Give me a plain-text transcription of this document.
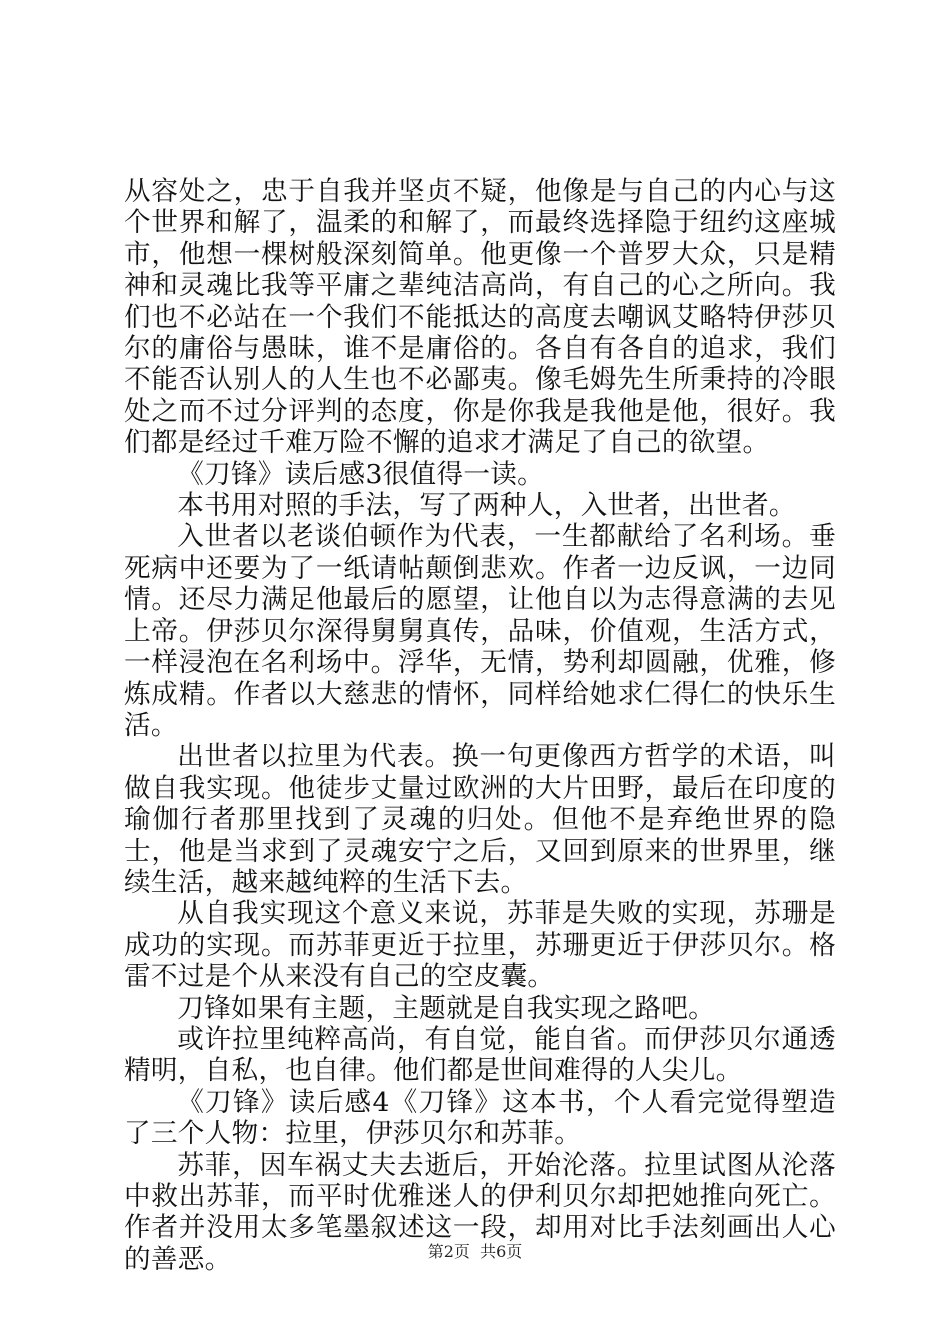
从容处之，忠于自我并坚贞不疑，他像是与自己的内心与这个世界和解了，温柔的和解了，而最终选择隐于纽约这座城市，他想一棵树般深刻简单。他更像一个普罗大众，只是精神和灵魂比我等平庸之辈纯洁高尚，有自己的心之所向。我们也不必站在一个我们不能抵达的高度去嘲讽艾略特伊莎贝尔的庸俗与愚昧，谁不是庸俗的。各自有各自的追求，我们不能否认别人的人生也不必鄙夷。像毛姆先生所秉持的冷眼处之而不过分评判的态度，你是你我是我他是他，很好。我们都是经过千难万险不懈的追求才满足了自己的欲望。

《刀锋》读后感3很值得一读。

本书用对照的手法，写了两种人，入世者，出世者。

入世者以老谈伯顿作为代表，一生都献给了名利场。垂死病中还要为了一纸请帖颠倒悲欢。作者一边反讽，一边同情。还尽力满足他最后的愿望，让他自以为志得意满的去见上帝。伊莎贝尔深得舅舅真传，品味，价值观，生活方式，一样浸泡在名利场中。浮华，无情，势利却圆融，优雅，修炼成精。作者以大慈悲的情怀，同样给她求仁得仁的快乐生活。

出世者以拉里为代表。换一句更像西方哲学的术语，叫做自我实现。他徒步丈量过欧洲的大片田野，最后在印度的瑜伽行者那里找到了灵魂的归处。但他不是弃绝世界的隐士，他是当求到了灵魂安宁之后，又回到原来的世界里，继续生活，越来越纯粹的生活下去。

从自我实现这个意义来说，苏菲是失败的实现，苏珊是成功的实现。而苏菲更近于拉里，苏珊更近于伊莎贝尔。格雷不过是个从来没有自己的空皮囊。

刀锋如果有主题，主题就是自我实现之路吧。

或许拉里纯粹高尚，有自觉，能自省。而伊莎贝尔通透精明，自私，也自律。他们都是世间难得的人尖儿。

《刀锋》读后感4《刀锋》这本书，个人看完觉得塑造了三个人物：拉里，伊莎贝尔和苏菲。

苏菲，因车祸丈夫去逝后，开始沦落。拉里试图从沦落中救出苏菲，而平时优雅迷人的伊利贝尔却把她推向死亡。作者并没用太多笔墨叙述这一段，却用对比手法刻画出人心的善恶。	第2页  共6页
